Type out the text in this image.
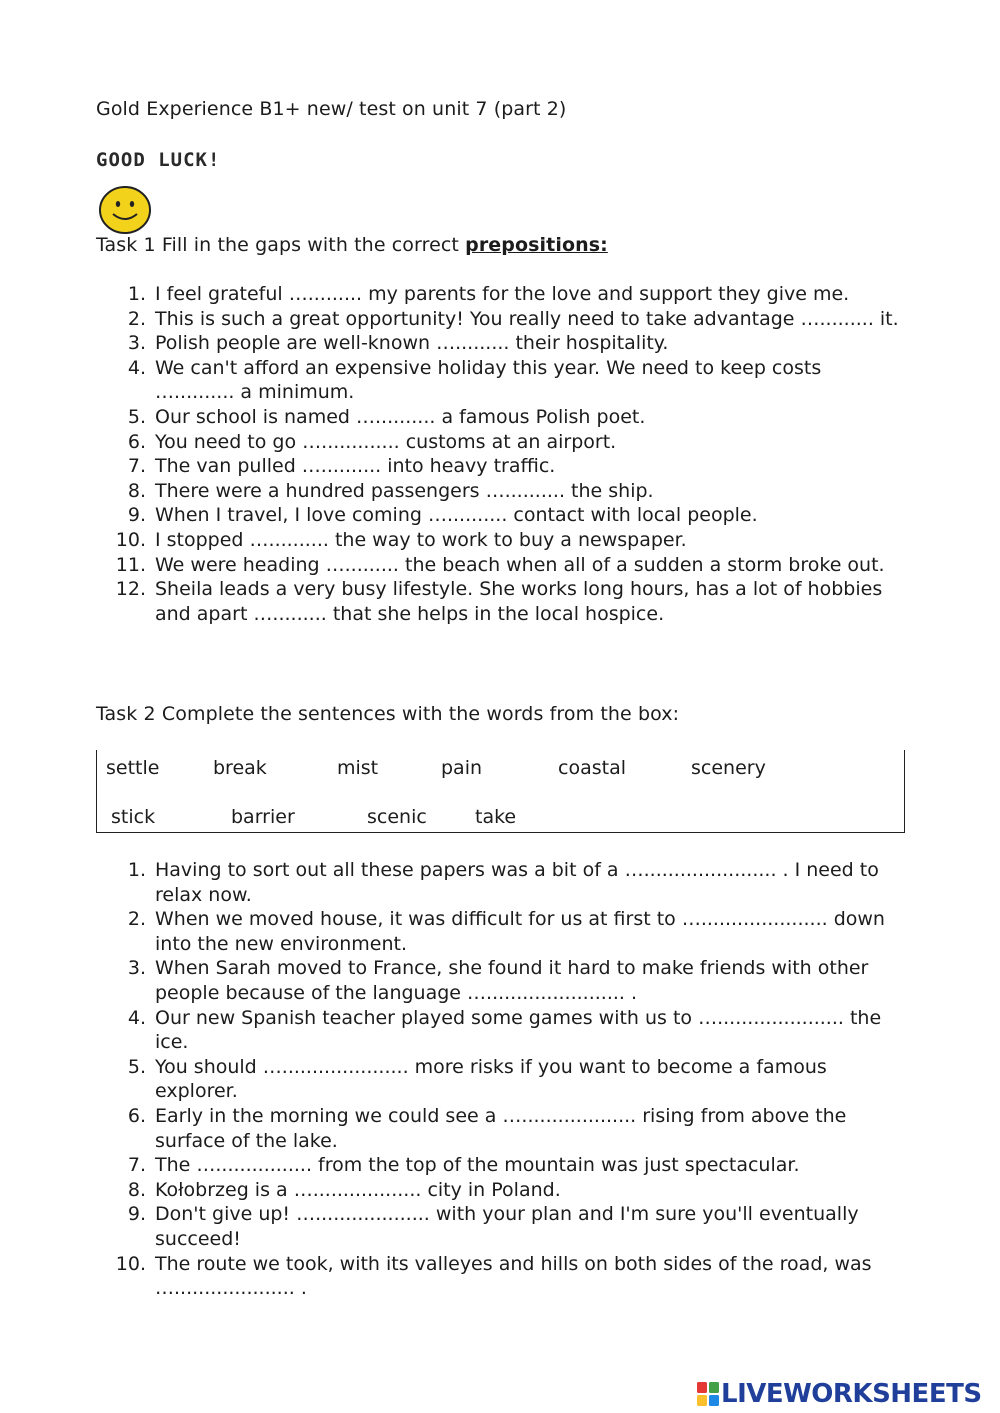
Gold Experience B1+ new/ test on unit 7 (part 2)
GOOD LUCK!
Task 1 Fill in the gaps with the correct prepositions:
1. I feel grateful …......... my parents for the love and support they give me.
2. This is such a great opportunity! You really need to take advantage …......... it.
3. Polish people are well-known …......... their hospitality.
4. We can't afford an expensive holiday this year. We need to keep costs ….......... a minimum.
5. Our school is named ….......... a famous Polish poet.
6. You need to go …............. customs at an airport.
7. The van pulled ….......... into heavy traffic.
8. There were a hundred passengers ….......... the ship.
9. When I travel, I love coming ….......... contact with local people.
10. I stopped ….......... the way to work to buy a newspaper.
11. We were heading …......... the beach when all of a sudden a storm broke out.
12. Sheila leads a very busy lifestyle. She works long hours, has a lot of hobbies and apart …......... that she helps in the local hospice.
Task 2 Complete the sentences with the words from the box:
settle	break	mist	pain	coastal	scenery
stick	barrier	scenic	take
1. Having to sort out all these papers was a bit of a …...................... . I need to relax now.
2. When we moved house, it was difficult for us at first to …..................... down into the new environment.
3. When Sarah moved to France, she found it hard to make friends with other people because of the language …....................... .
4. Our new Spanish teacher played some games with us to …..................... the ice.
5. You should …..................... more risks if you want to become a famous explorer.
6. Early in the morning we could see a …................... rising from above the surface of the lake.
7. The …................ from the top of the mountain was just spectacular.
8. Kołobrzeg is a ….................. city in Poland.
9. Don't give up! …................... with your plan and I'm sure you'll eventually succeed!
10. The route we took, with its valleyes and hills on both sides of the road, was ….................... .
LIVEWORKSHEETS
